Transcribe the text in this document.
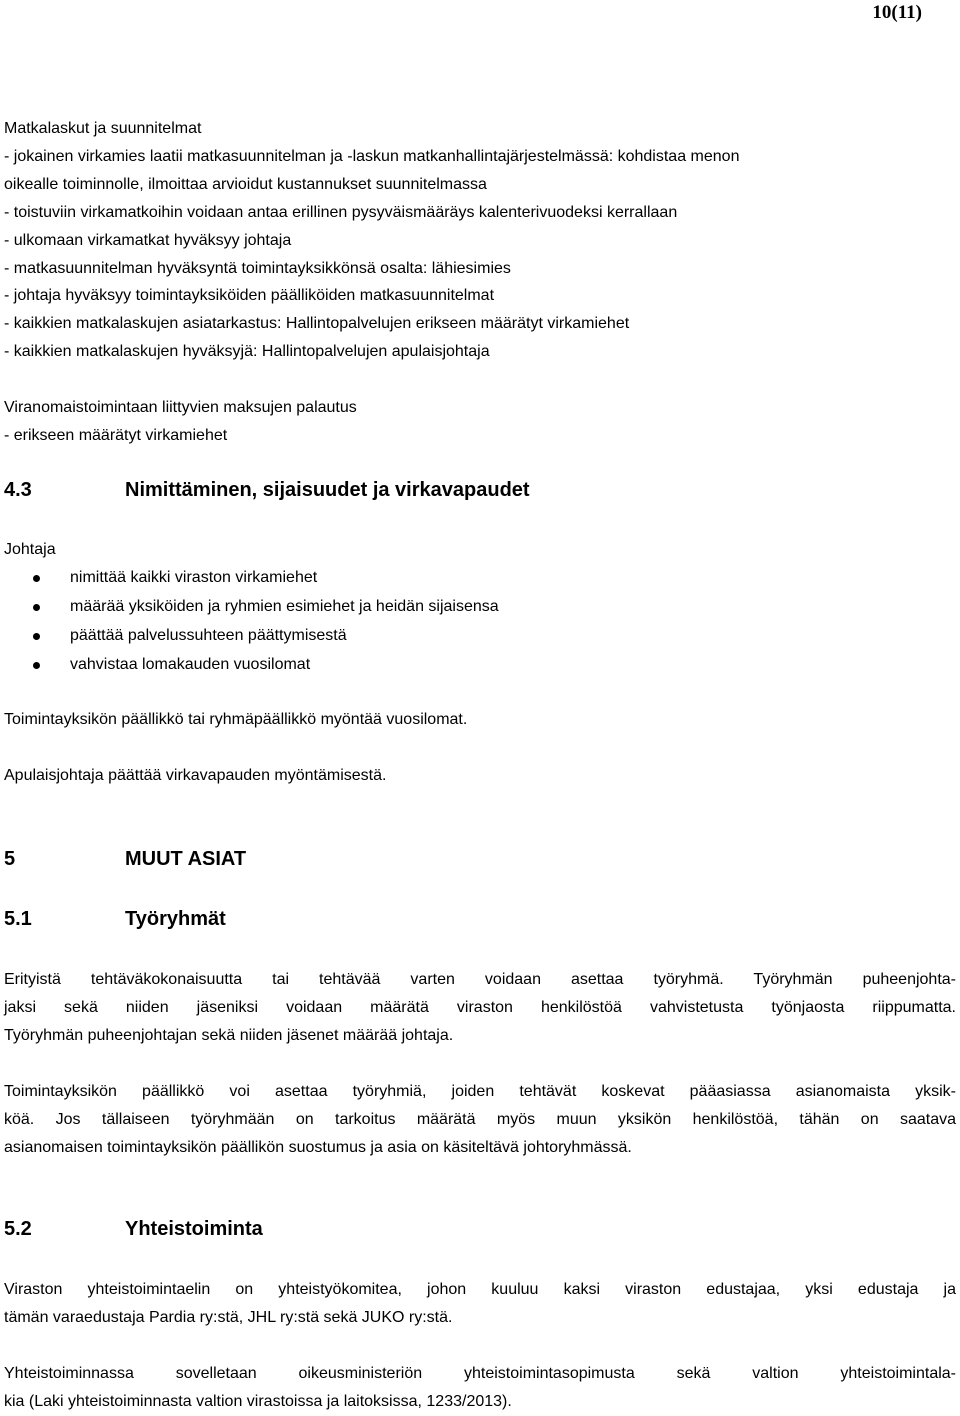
10(11)
Matkalaskut ja suunnitelmat
- jokainen virkamies laatii matkasuunnitelman ja -laskun matkanhallintajärjestelmässä: kohdistaa menon
oikealle toiminnolle, ilmoittaa arvioidut kustannukset suunnitelmassa
- toistuviin virkamatkoihin voidaan antaa erillinen pysyväismääräys kalenterivuodeksi kerrallaan
- ulkomaan virkamatkat hyväksyy johtaja
- matkasuunnitelman hyväksyntä toimintayksikkönsä osalta: lähiesimies
- johtaja hyväksyy toimintayksiköiden päälliköiden matkasuunnitelmat
- kaikkien matkalaskujen asiatarkastus: Hallintopalvelujen erikseen määrätyt virkamiehet
- kaikkien matkalaskujen hyväksyjä: Hallintopalvelujen apulaisjohtaja
Viranomaistoimintaan liittyvien maksujen palautus
- erikseen määrätyt virkamiehet
4.3	Nimittäminen, sijaisuudet ja virkavapaudet
Johtaja
nimittää kaikki viraston virkamiehet
määrää yksiköiden ja ryhmien esimiehet ja heidän sijaisensa
päättää palvelussuhteen päättymisestä
vahvistaa lomakauden vuosilomat
Toimintayksikön päällikkö tai ryhmäpäällikkö myöntää vuosilomat.
Apulaisjohtaja päättää virkavapauden myöntämisestä.
5	MUUT ASIAT
5.1	Työryhmät
Erityistä tehtäväkokonaisuutta tai tehtävää varten voidaan asettaa työryhmä. Työryhmän puheenjohta-
jaksi sekä niiden jäseniksi voidaan määrätä viraston henkilöstöä vahvistetusta työnjaosta riippumatta.
Työryhmän puheenjohtajan sekä niiden jäsenet määrää johtaja.
Toimintayksikön päällikkö voi asettaa työryhmiä, joiden tehtävät koskevat pääasiassa asianomaista yksik-
köä. Jos tällaiseen työryhmään on tarkoitus määrätä myös muun yksikön henkilöstöä, tähän on saatava
asianomaisen toimintayksikön päällikön suostumus ja asia on käsiteltävä johtoryhmässä.
5.2	Yhteistoiminta
Viraston yhteistoimintaelin on yhteistyökomitea, johon kuuluu kaksi viraston edustajaa, yksi edustaja ja
tämän varaedustaja Pardia ry:stä, JHL ry:stä sekä JUKO ry:stä.
Yhteistoiminnassa sovelletaan oikeusministeriön yhteistoimintasopimusta sekä valtion yhteistoimintala-
kia (Laki yhteistoiminnasta valtion virastoissa ja laitoksissa, 1233/2013).
